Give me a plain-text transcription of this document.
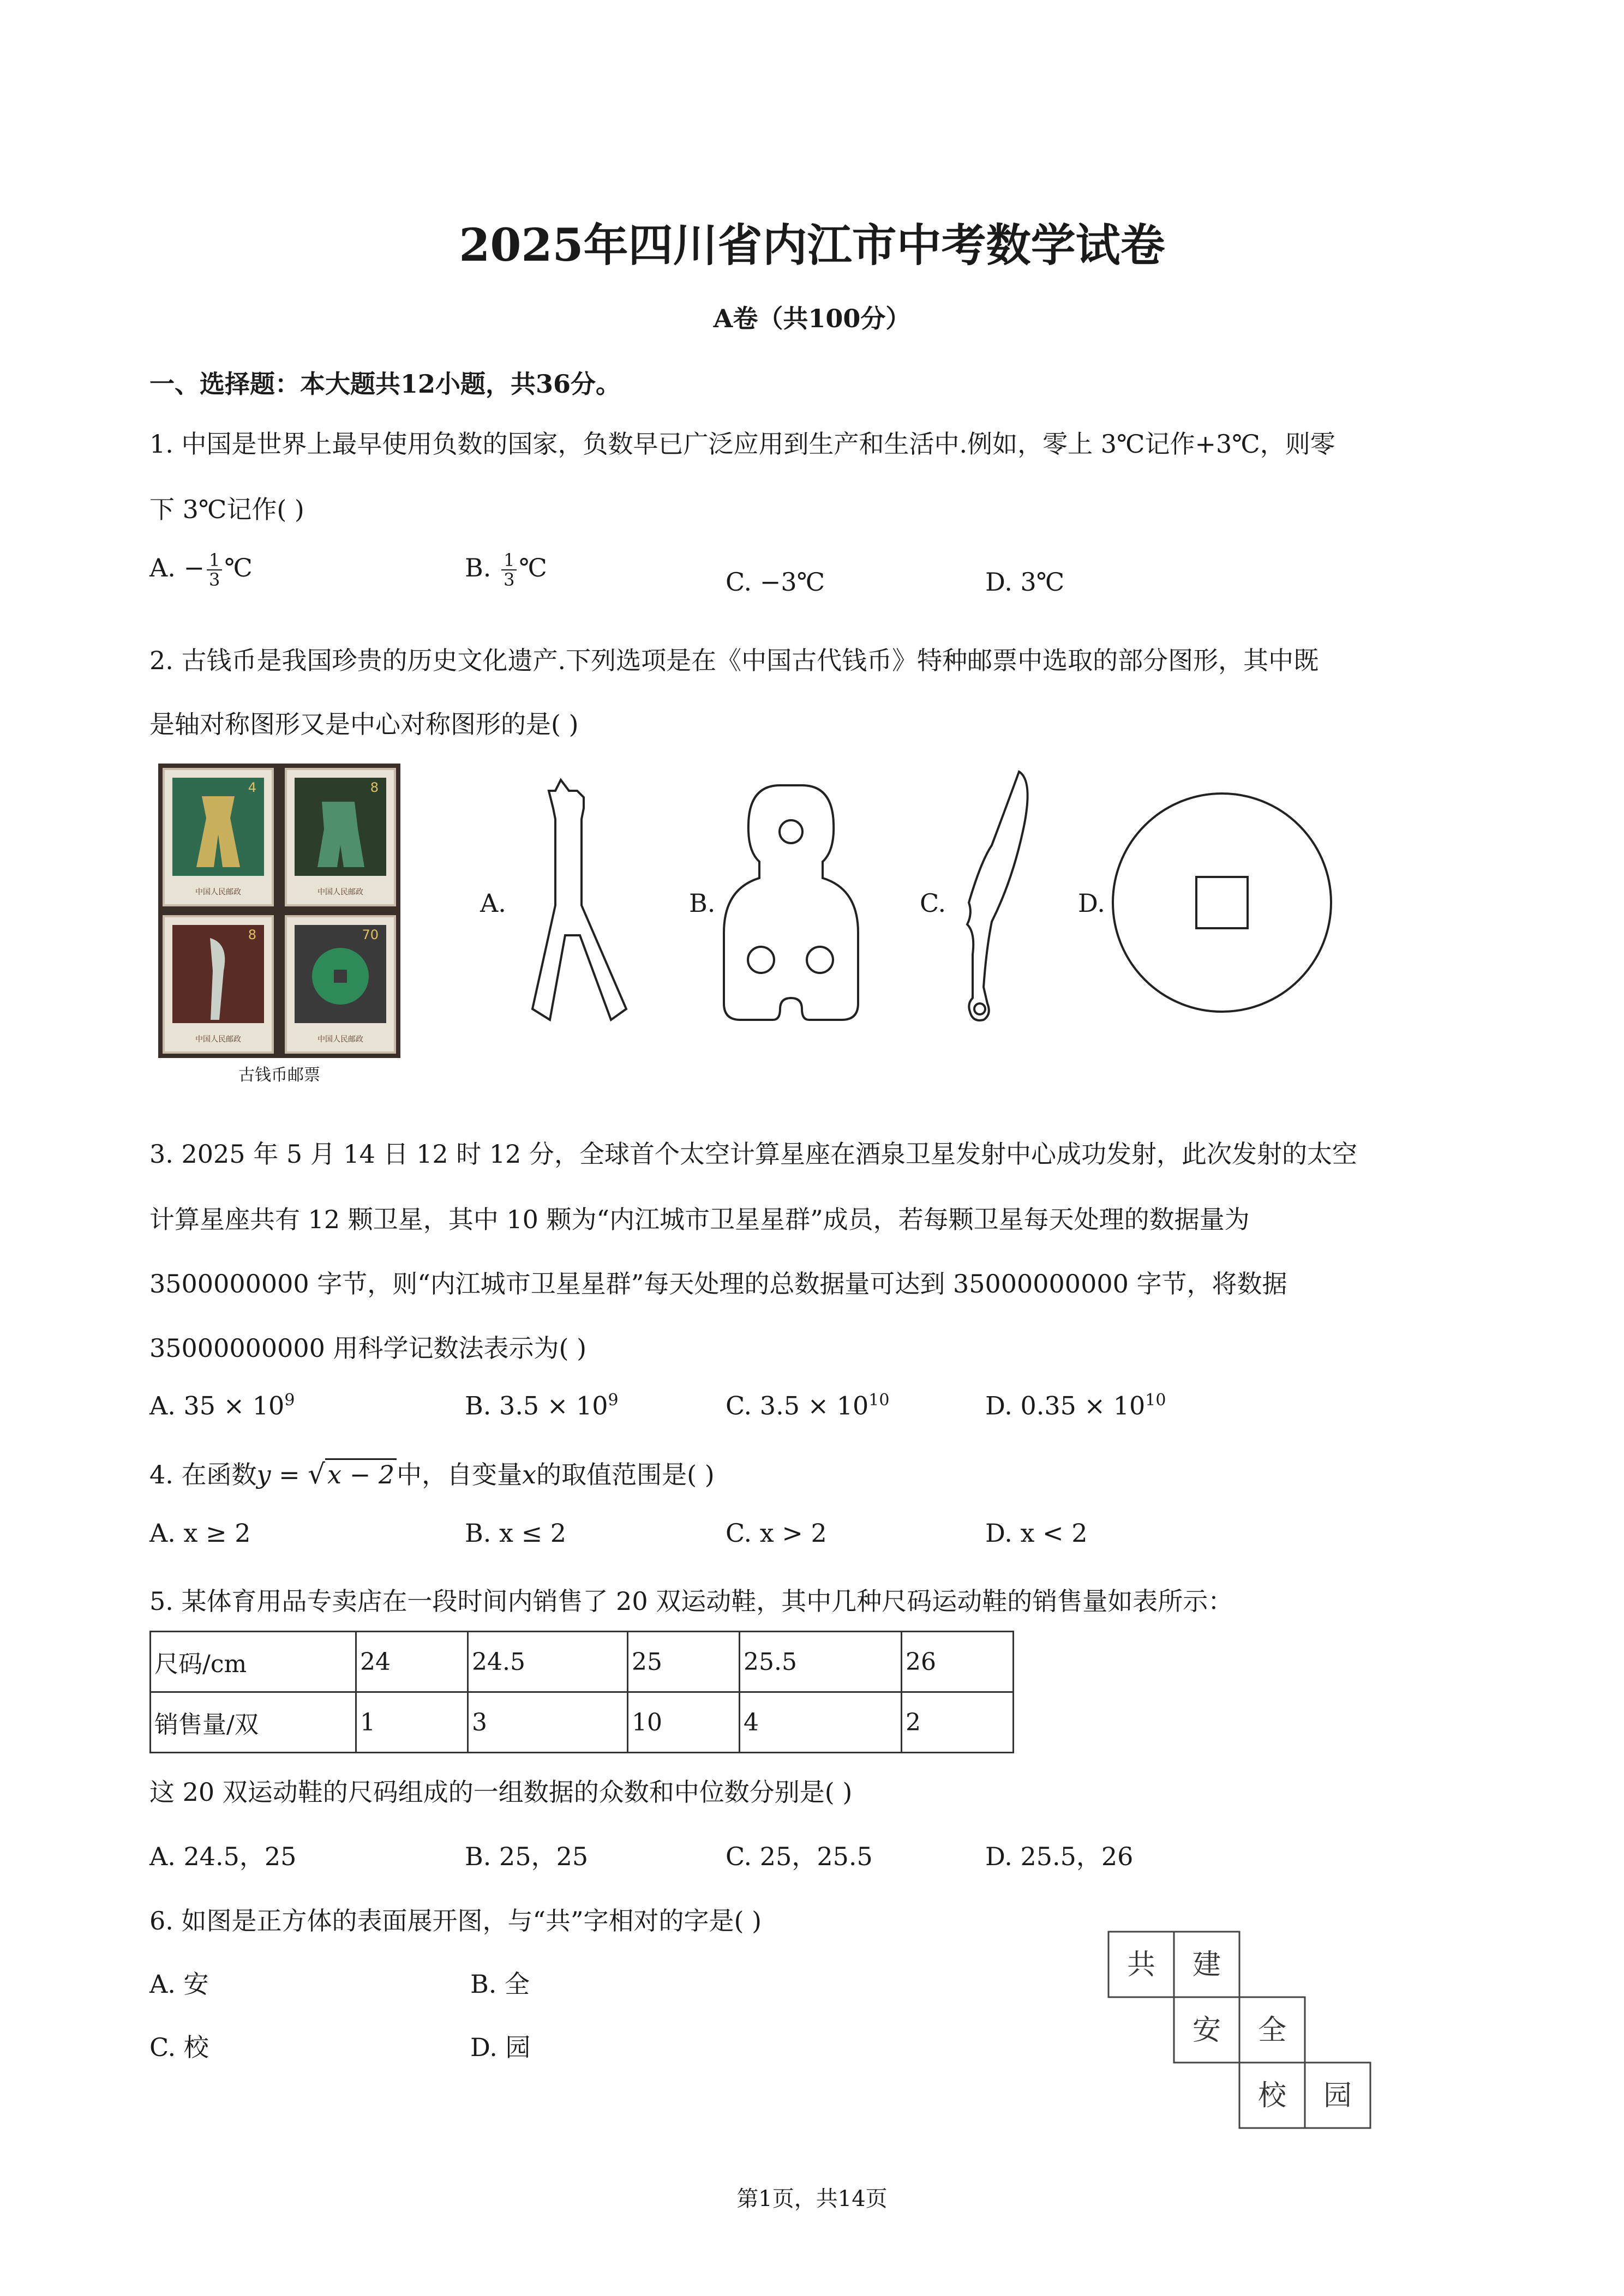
2025年四川省内江市中考数学试卷
A卷（共100分）
一、选择题：本大题共12小题，共36分。
1. 中国是世界上最早使用负数的国家，负数早已广泛应用到生产和生活中.例如，零上 3℃记作+3℃，则零
下 3℃记作( )
A. − $\frac{1}{3}$ ℃	B. $\frac{1}{3}$ ℃	C. −3℃	D. 3℃
2. 古钱币是我国珍贵的历史文化遗产.下列选项是在《中国古代钱币》特种邮票中选取的部分图形，其中既
是轴对称图形又是中心对称图形的是( )
4
中国人民邮政
8
中国人民邮政
8
中国人民邮政
70
中国人民邮政
古钱币邮票
A.	B.	C.	D.
3. 2025 年 5 月 14 日 12 时 12 分，全球首个太空计算星座在酒泉卫星发射中心成功发射，此次发射的太空
计算星座共有 12 颗卫星，其中 10 颗为“内江城市卫星星群”成员，若每颗卫星每天处理的数据量为
3500000000 字节，则“内江城市卫星星群”每天处理的总数据量可达到 35000000000 字节，将数据
35000000000 用科学记数法表示为( )
A. $35 \times 10^9$	B. $3.5 \times 10^9$	C. $3.5 \times 10^{10}$	D. $0.35 \times 10^{10}$
4. 在函数y = √x − 2中，自变量x的取值范围是( )
A. x ≥ 2	B. x ≤ 2	C. x > 2	D. x < 2
5. 某体育用品专卖店在一段时间内销售了 20 双运动鞋，其中几种尺码运动鞋的销售量如表所示：
尺码/cm	24	24.5	25	25.5	26
销售量/双	1	3	10	4	2
这 20 双运动鞋的尺码组成的一组数据的众数和中位数分别是( )
A. 24.5，25	B. 25，25	C. 25，25.5	D. 25.5，26
6. 如图是正方体的表面展开图，与“共”字相对的字是( )
A. 安	B. 全
C. 校	D. 园
共 建
安 全
校 园
第1页，共14页
